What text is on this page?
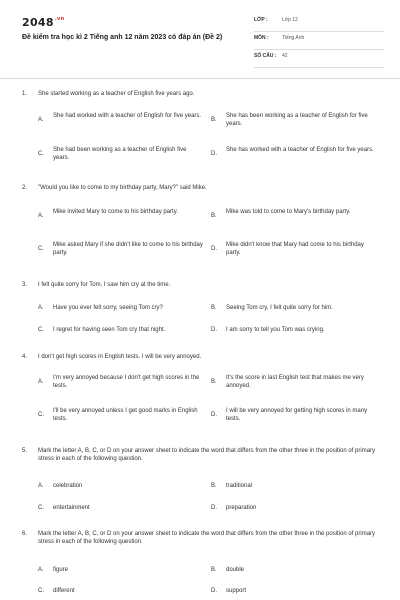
$2048^{.vn}$
Đề kiểm tra học kì 2 Tiếng anh 12 năm 2023 có đáp án (Đề 2)
LỚP :	Lớp 12
MÔN :	Tiếng Anh
SỐ CÂU : 42
1. She started working as a teacher of English five years ago.
A.
She had worked with a teacher of English for five years.
B.
She has been working as a teacher of English for five years.
C.
She had been working as a teacher of English five years.
D.
She has worked with a teacher of English for five years.
2. "Would you like to come to my birthday party, Mary?" said Mike.
A.
Mike invited Mary to come to his birthday party.
B.
Mike was told to come to Mary's birthday party.
C.
Mike asked Mary if she didn't like to come to his birthday party.
D.
Mike didn't know that Mary had come to his birthday party.
3. I felt quite sorry for Tom. I saw him cry at the time.
A. Have you ever felt sorry, seeing Tom cry?	B. Seeing Tom cry, I felt quite sorry for him.
C. I regret for having seen Tom cry that night.	D. I am sorry to tell you Tom was crying.
4. I don't get high scores in English tests. I will be very annoyed.
A.
I'm very annoyed because I don't get high scores in the tests.
B.
It's the score in last English test that makes me very annoyed.
C.
I'll be very annoyed unless I get good marks in English tests.
D.
I will be very annoyed for getting high scores in many tests.
5. Mark the letter A, B, C, or D on your answer sheet to indicate the word that differs from the other three in the position of primary stress in each of the following question.
A. celebration	B. traditional
C. entertainment	D. preparation
6. Mark the letter A, B, C, or D on your answer sheet to indicate the word that differs from the other three in the position of primary stress in each of the following question.
A. figure	B. double
C. different	D. support
